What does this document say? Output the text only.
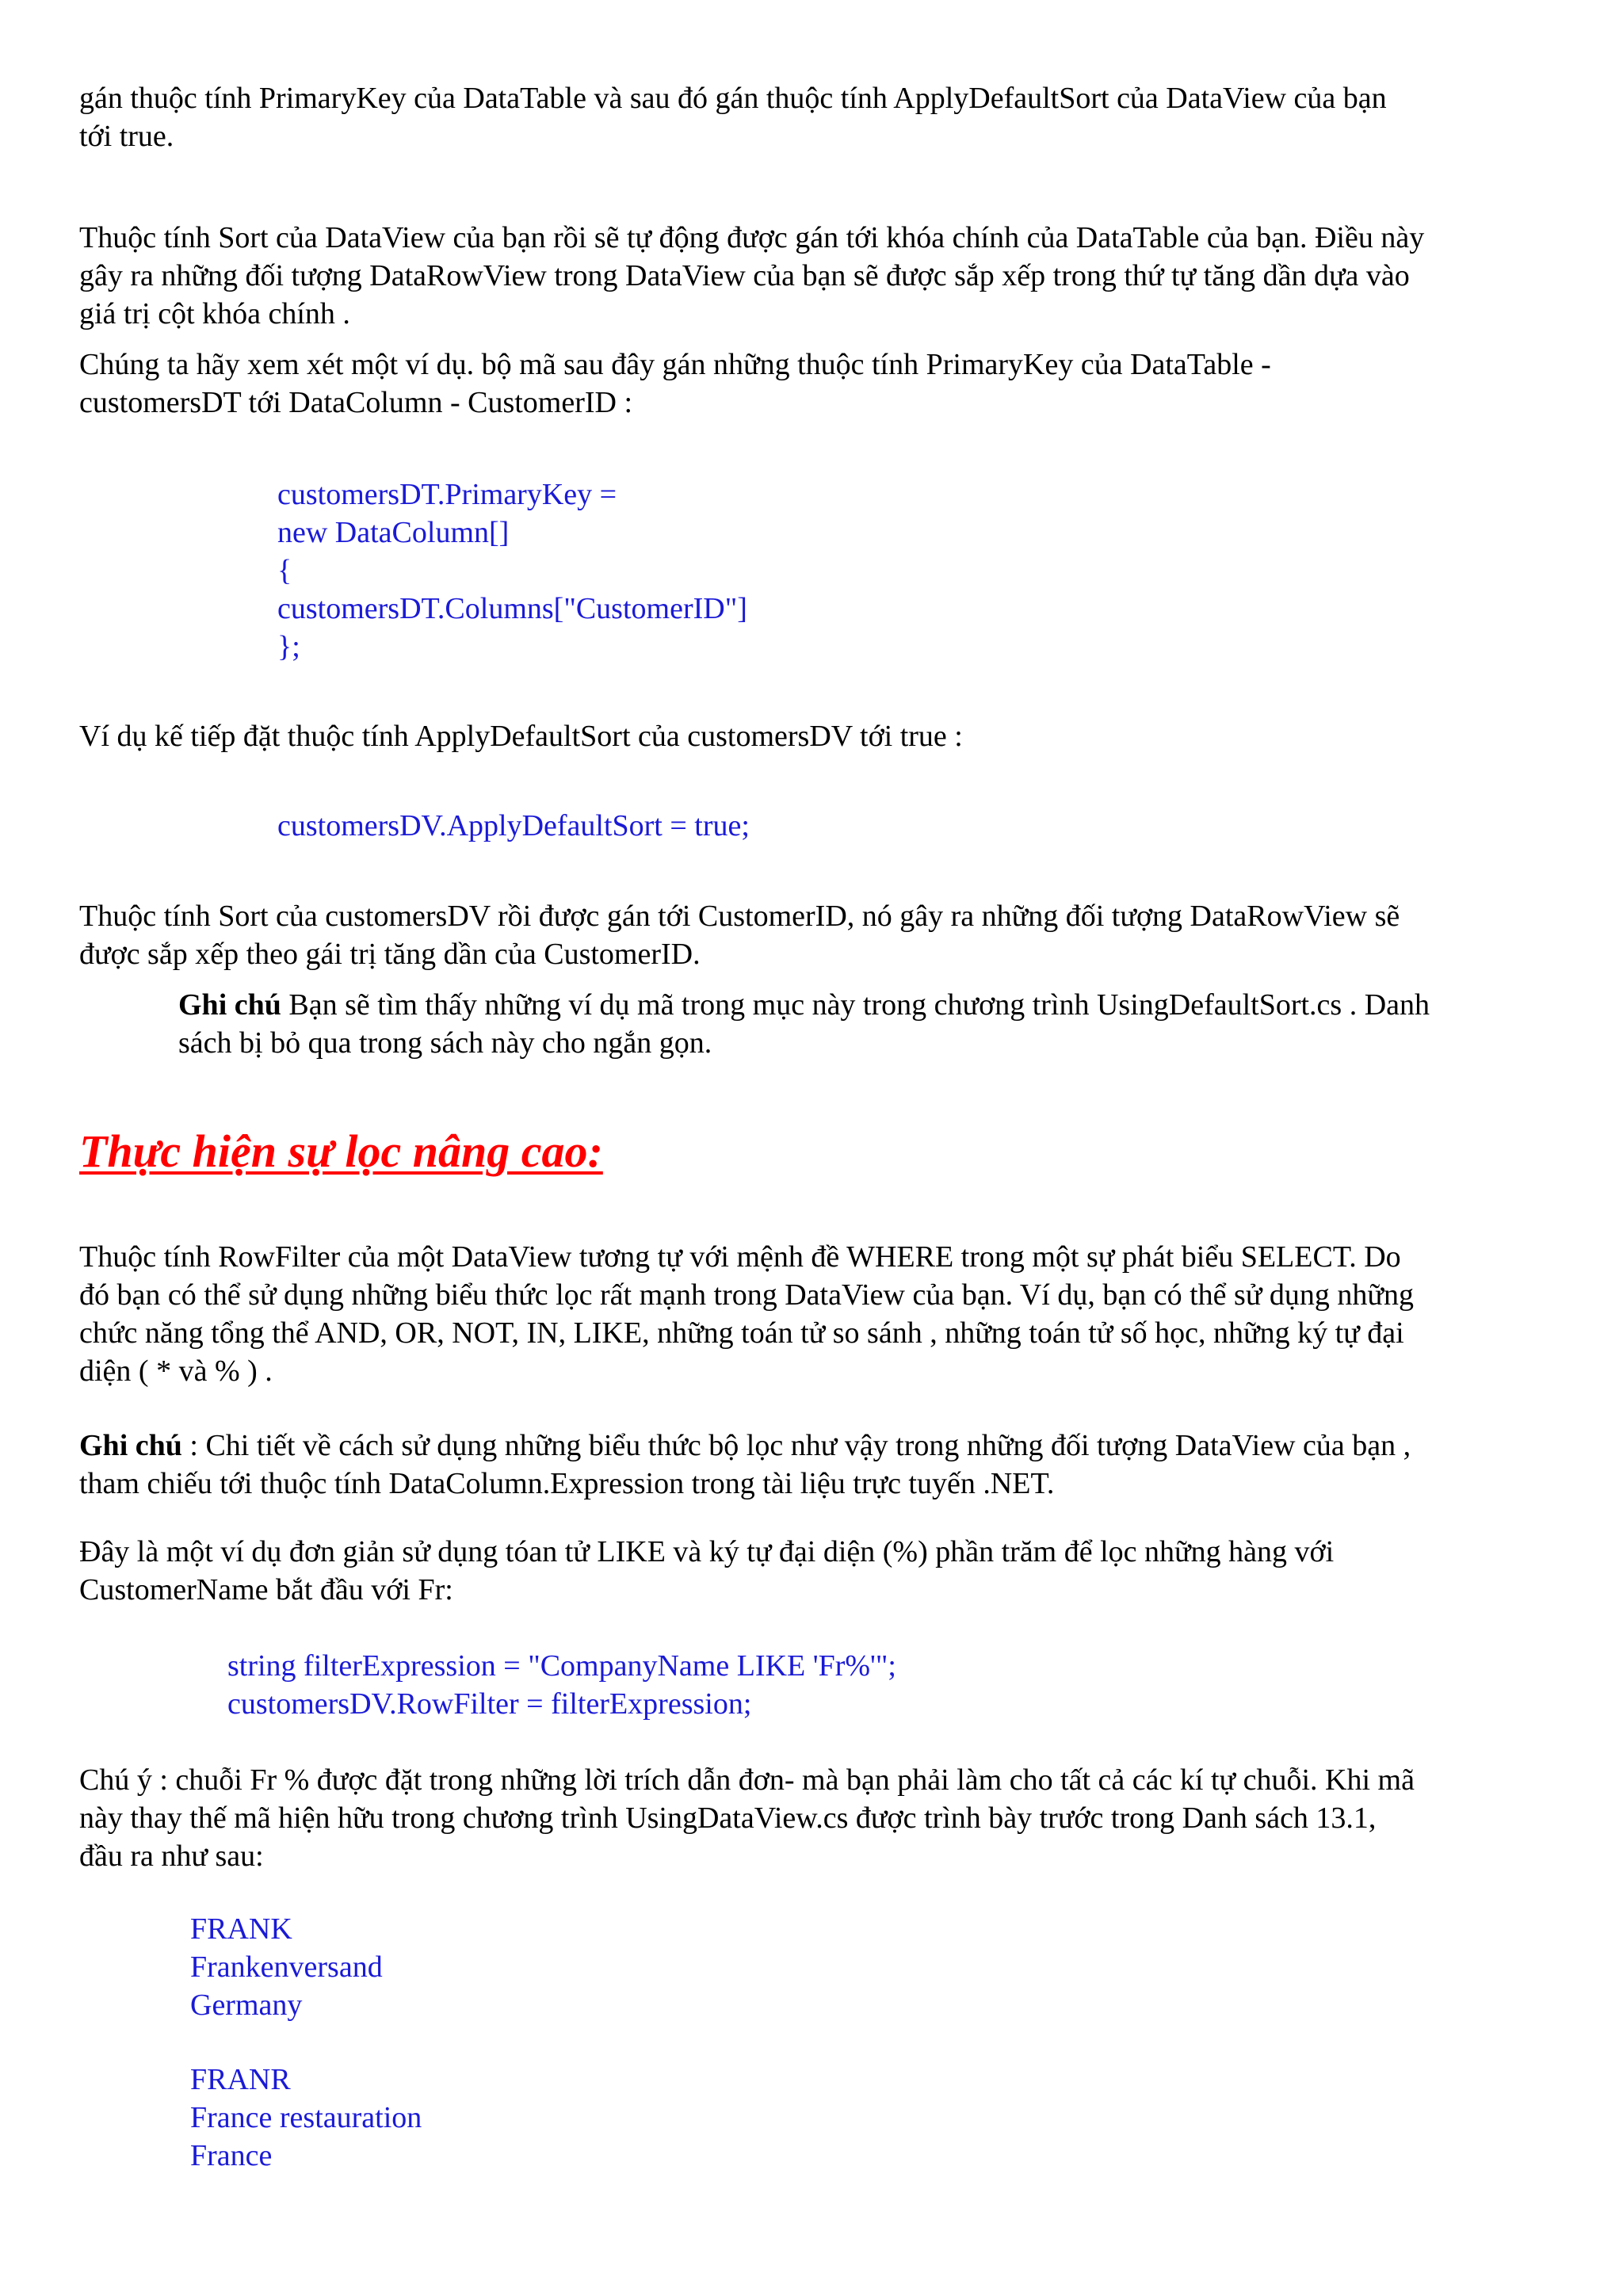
gán thuộc tính PrimaryKey của DataTable và sau đó gán thuộc tính ApplyDefaultSort của DataView của bạn
tới true.

Thuộc tính Sort của DataView của bạn rồi sẽ tự động được gán tới khóa chính của DataTable của bạn. Điều này
gây ra những đối tượng DataRowView trong DataView của bạn sẽ được sắp xếp trong thứ tự tăng dần dựa vào
giá trị cột khóa chính .

Chúng ta hãy xem xét một ví dụ. bộ mã sau đây gán những thuộc tính PrimaryKey của DataTable -
customersDT tới DataColumn - CustomerID :

customersDT.PrimaryKey =
new DataColumn[]
{
customersDT.Columns["CustomerID"]
};

Ví dụ kế tiếp đặt thuộc tính ApplyDefaultSort của customersDV tới true :

customersDV.ApplyDefaultSort = true;

Thuộc tính Sort của customersDV rồi được gán tới CustomerID, nó gây ra những đối tượng DataRowView sẽ
được sắp xếp theo gái trị tăng dần của CustomerID.

Ghi chú Bạn sẽ tìm thấy những ví dụ mã trong mục này trong chương trình UsingDefaultSort.cs . Danh
sách bị bỏ qua trong sách này cho ngắn gọn.

Thực hiện sự lọc nâng cao:

Thuộc tính RowFilter của một DataView tương tự với mệnh đề WHERE trong một sự phát biểu SELECT. Do
đó bạn có thể sử dụng những biểu thức lọc rất mạnh trong DataView của bạn. Ví dụ, bạn có thể sử dụng những
chức năng tổng thể AND, OR, NOT, IN, LIKE, những toán tử so sánh , những toán tử số học, những ký tự đại
diện ( * và % ) .

Ghi chú : Chi tiết về cách sử dụng những biểu thức bộ lọc như vậy trong những đối tượng DataView của bạn ,
tham chiếu tới thuộc tính DataColumn.Expression trong tài liệu trực tuyến .NET.

Đây là một ví dụ đơn giản sử dụng tóan tử LIKE và ký tự đại diện (%) phần trăm để lọc những hàng với
CustomerName bắt đầu với Fr:

string filterExpression = "CompanyName LIKE 'Fr%'";
customersDV.RowFilter = filterExpression;

Chú ý : chuỗi Fr % được đặt trong những lời trích dẫn đơn- mà bạn phải làm cho tất cả các kí tự chuỗi. Khi mã
này thay thế mã hiện hữu trong chương trình UsingDataView.cs được trình bày trước trong Danh sách 13.1,
đầu ra như sau:

FRANK
Frankenversand
Germany
FRANR
France restauration
France
